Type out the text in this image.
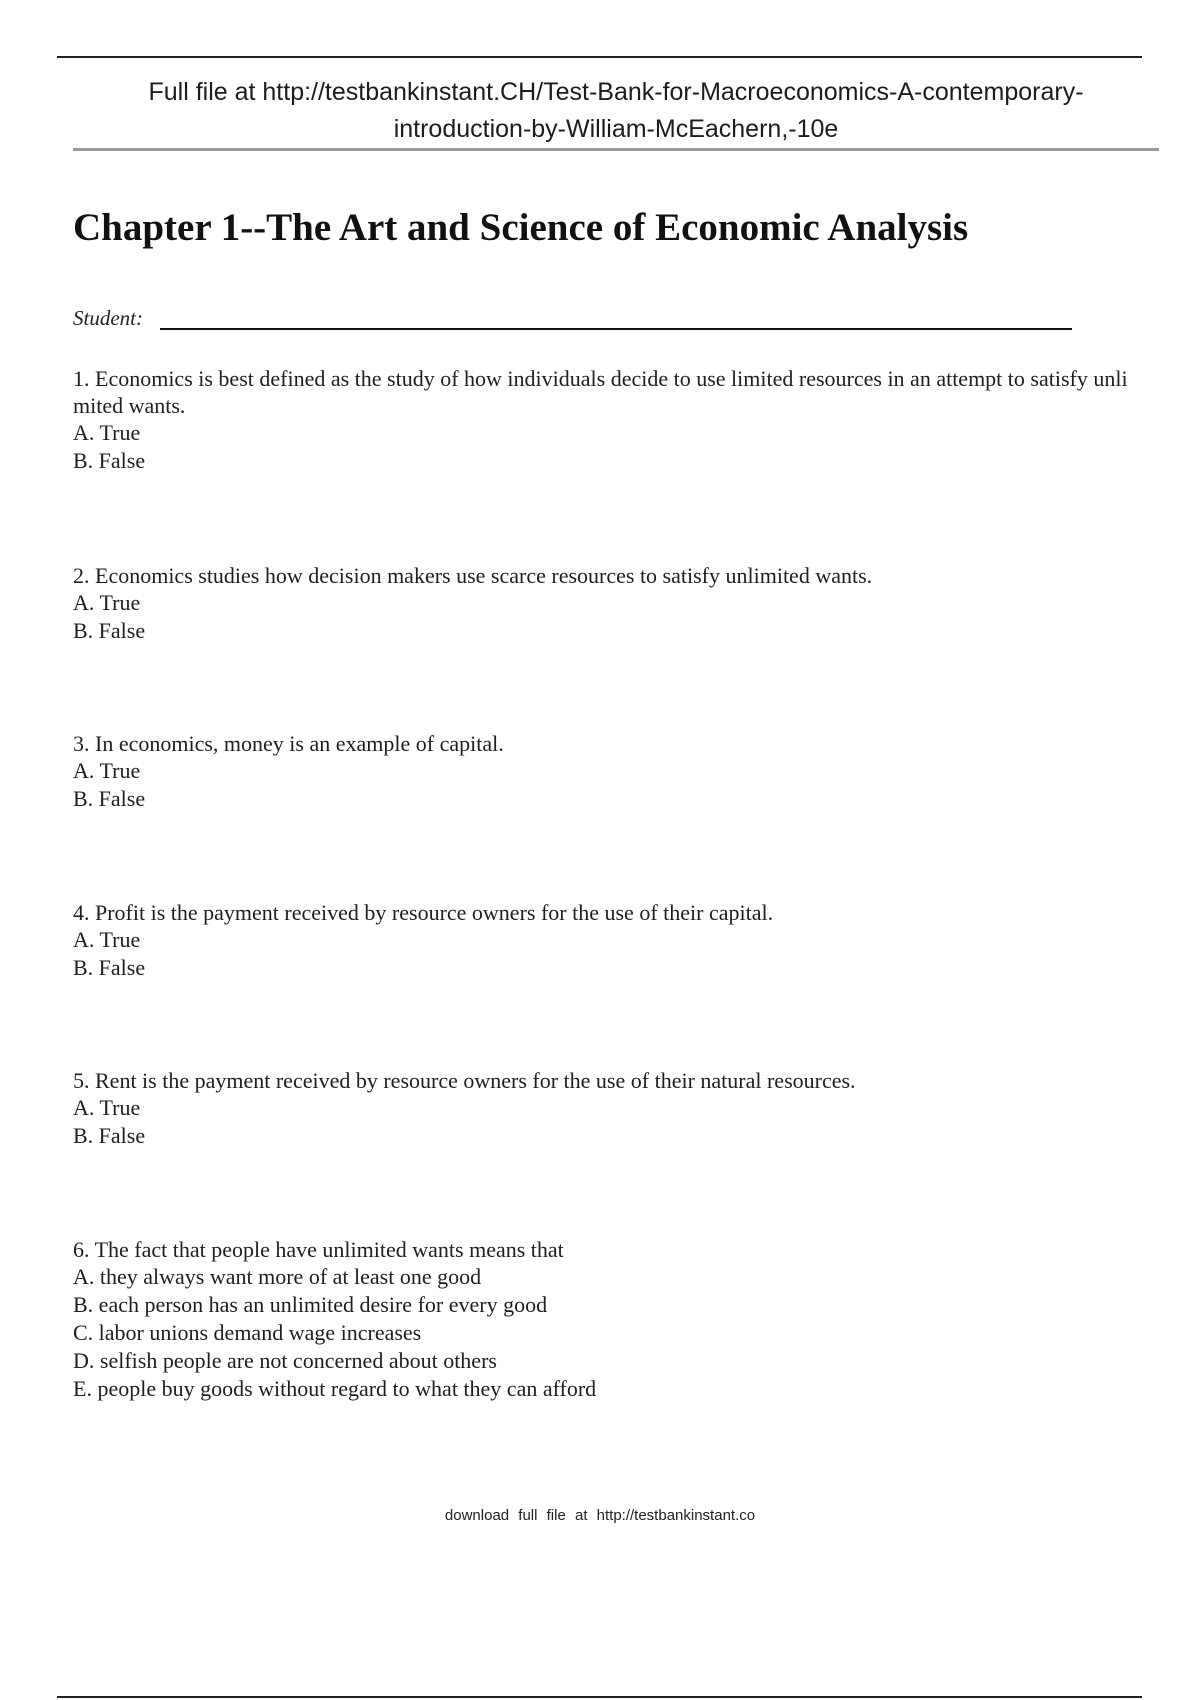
Full file at http://testbankinstant.CH/Test-Bank-for-Macroeconomics-A-contemporary-
introduction-by-William-McEachern,-10e
Chapter 1--The Art and Science of Economic Analysis
Student:

1. Economics is best defined as the study of how individuals decide to use limited resources in an attempt to satisfy unlimited wants.

A. True
B. False

2. Economics studies how decision makers use scarce resources to satisfy unlimited wants.

A. True
B. False

3. In economics, money is an example of capital.

A. True
B. False

4. Profit is the payment received by resource owners for the use of their capital.

A. True
B. False

5. Rent is the payment received by resource owners for the use of their natural resources.

A. True
B. False

6. The fact that people have unlimited wants means that

A. they always want more of at least one good
B. each person has an unlimited desire for every good
C. labor unions demand wage increases
D. selfish people are not concerned about others
E. people buy goods without regard to what they can afford
download full file at http://testbankinstant.co
